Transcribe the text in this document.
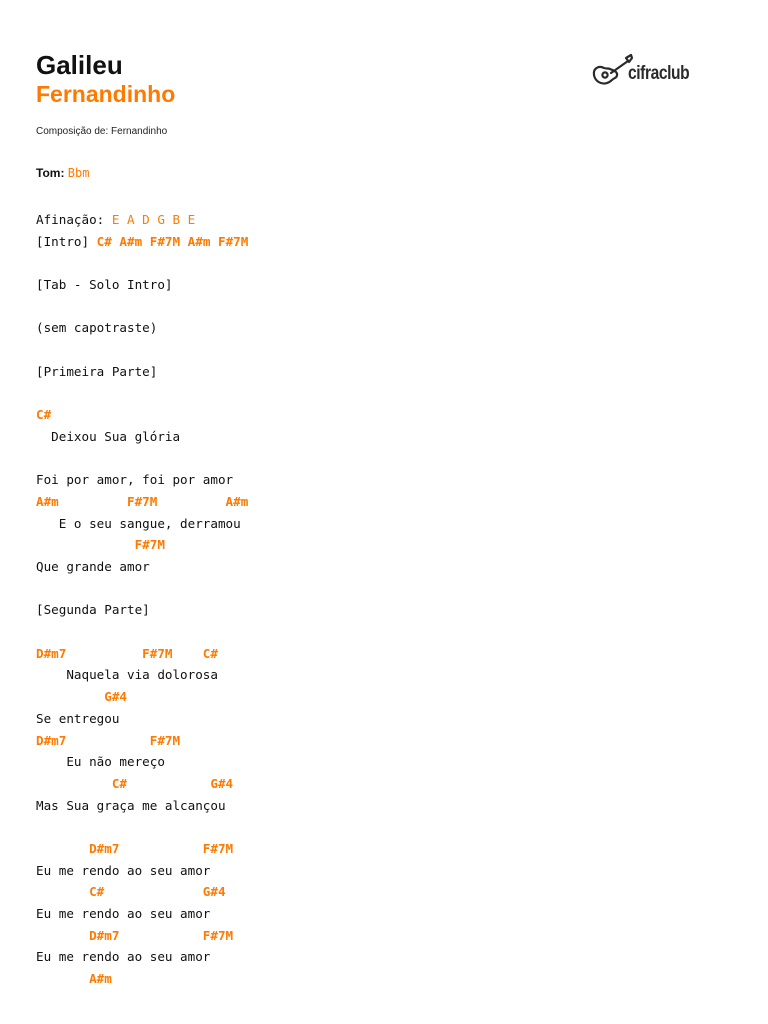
Galileu
Fernandinho
cifraclub
Composição de: Fernandinho
Tom: Bbm
Afinação: E A D G B E
[Intro] C# A#m F#7M A#m F#7M
[Tab - Solo Intro]
(sem capotraste)
[Primeira Parte]
C#
Deixou Sua glória
Foi por amor, foi por amor
A#m         F#7M         A#m
E o seu sangue, derramou
F#7M
Que grande amor
[Segunda Parte]
D#m7          F#7M    C#
Naquela via dolorosa
G#4
Se entregou
D#m7           F#7M
Eu não mereço
C#           G#4
Mas Sua graça me alcançou
D#m7           F#7M
Eu me rendo ao seu amor
C#             G#4
Eu me rendo ao seu amor
D#m7           F#7M
Eu me rendo ao seu amor
A#m
